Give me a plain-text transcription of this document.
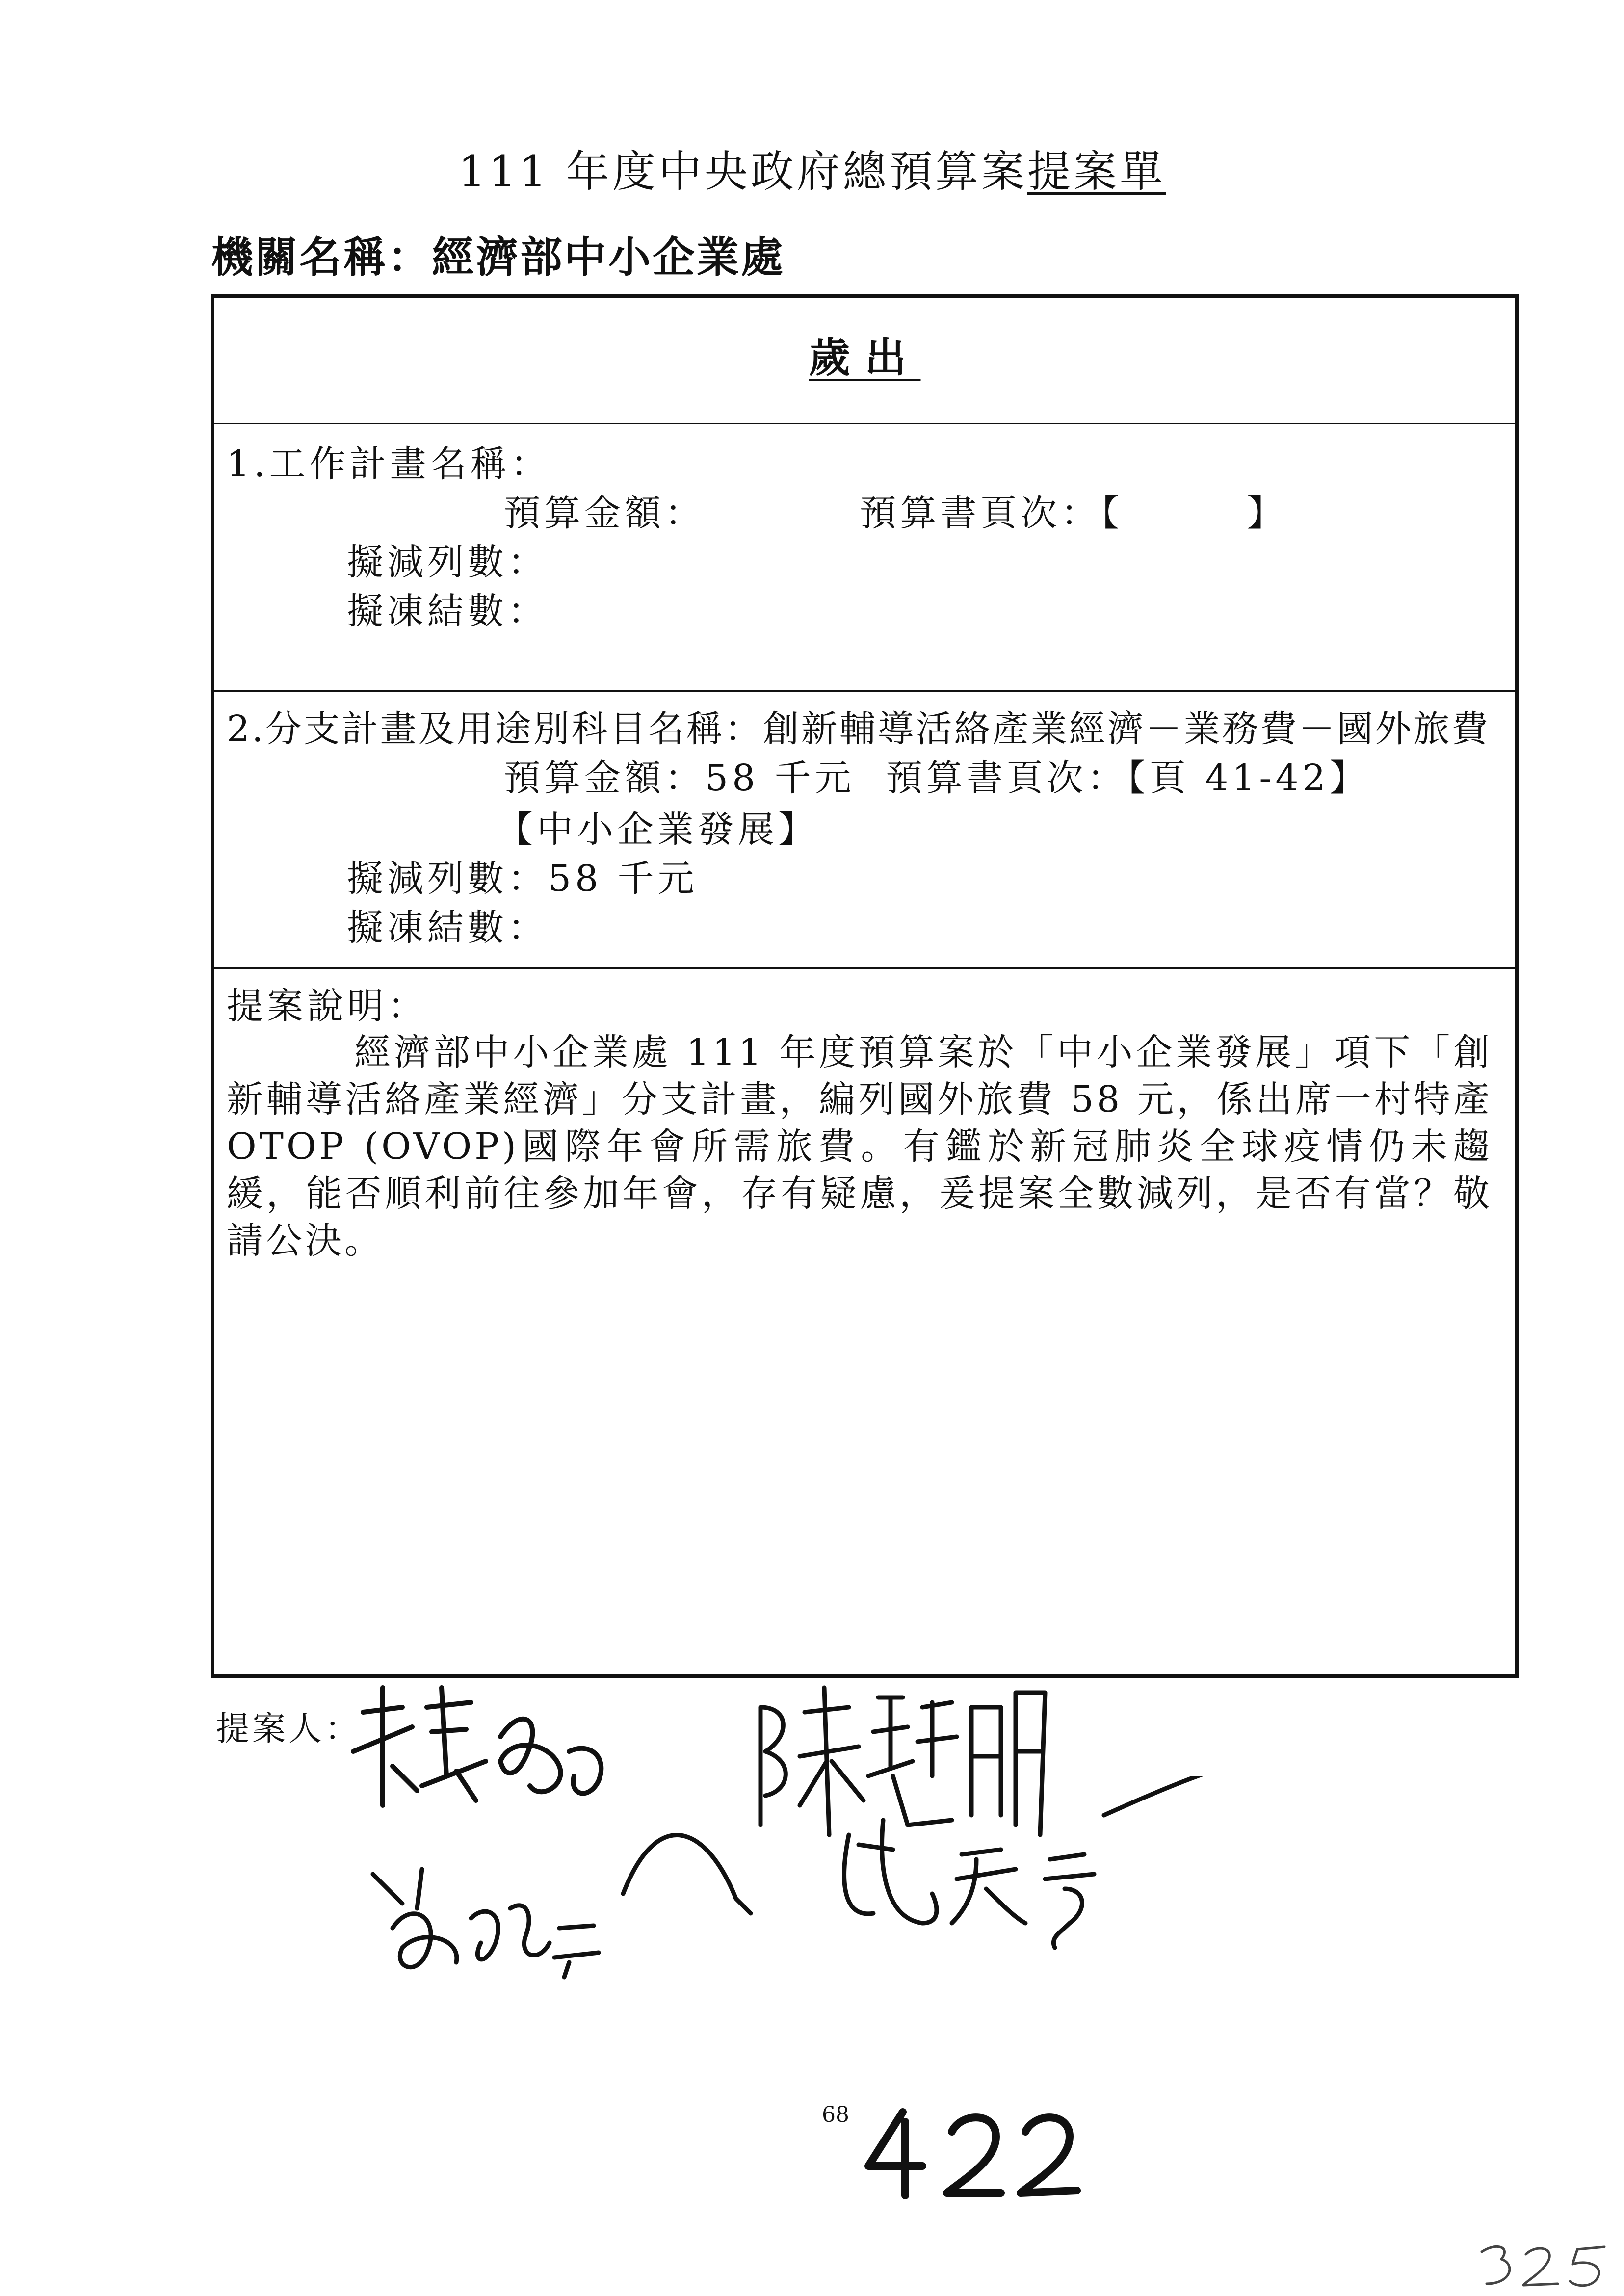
111 年度中央政府總預算案提案單
機關名稱：經濟部中小企業處
歲出
1.工作計畫名稱：
預算金額：          預算書頁次：【        】
擬減列數：
擬凍結數：
2.分支計畫及用途別科目名稱：創新輔導活絡產業經濟－業務費－國外旅費
預算金額：58 千元  預算書頁次：【頁 41-42】
【中小企業發展】
擬減列數：58 千元
擬凍結數：
提案說明：
經濟部中小企業處 111 年度預算案於「中小企業發展」項下「創新輔導活絡產業經濟」分支計畫，編列國外旅費 58 元，係出席一村特產 OTOP (OVOP)國際年會所需旅費。有鑑於新冠肺炎全球疫情仍未趨緩，能否順利前往參加年會，存有疑慮，爰提案全數減列，是否有當？敬請公決。
提案人：
68
